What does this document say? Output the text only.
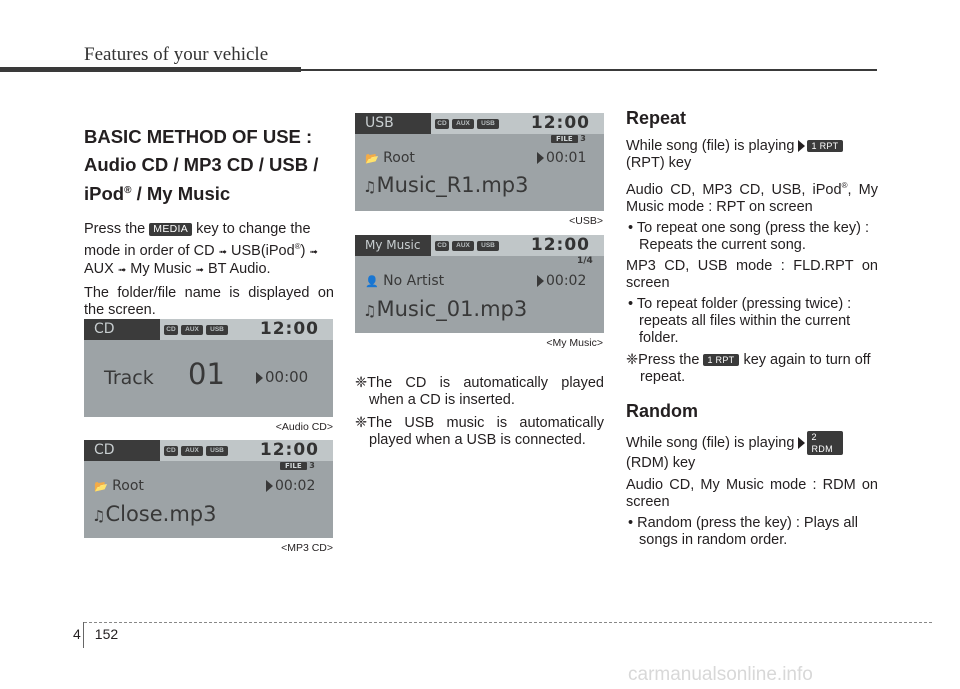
Features of your vehicle

BASIC METHOD OF USE :

Audio CD / MP3 CD / USB /

iPod® / My Music

Press the MEDIA key to change the
mode in order of CD ➟ USB(iPod®) ➟
AUX ➟ My Music ➟ BT Audio.

The folder/file name is displayed on the screen.

CD	CD	AUX	USB 12:00
Track 01	00:00
<Audio CD>
CD	CD	AUX	USB 12:00
FILE 3
📂 Root	00:02
♫Close.mp3
<MP3 CD>
USB	CD	AUX	USB 12:00
FILE 3
📂 Root	00:01
♫Music_R1.mp3
<USB>
My Music	CD	AUX	USB 12:00
1/4
👤 No Artist	00:02
♫Music_01.mp3
<My Music>

❈The CD is automatically played when a CD is inserted.

❈The USB music is automatically played when a USB is connected.

Repeat

While song (file) is playing 1 RPT
(RPT) key

Audio CD, MP3 CD, USB, iPod®, My Music mode : RPT on screen

• To repeat one song (press the key) : Repeats the current song.

MP3 CD, USB mode : FLD.RPT on screen

• To repeat folder (pressing twice) : repeats all files within the current folder.

❈Press the 1 RPT key again to turn off repeat.

Random

While song (file) is playing 2 RDM
(RDM) key

Audio CD, My Music mode : RDM on screen

• Random (press the key) : Plays all songs in random order.

4 152
carmanualsonline.info
